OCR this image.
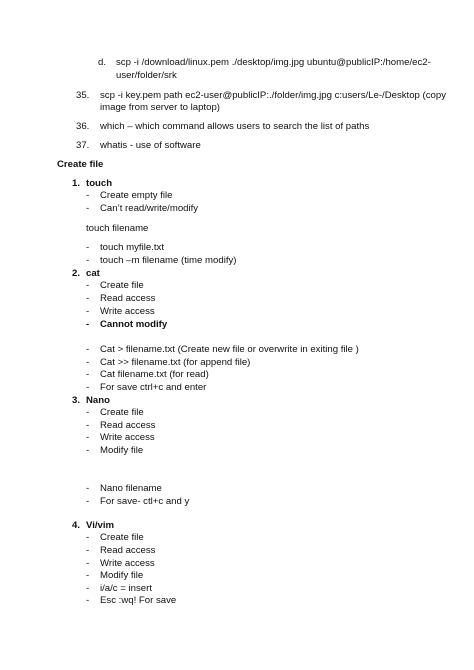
d. scp -i /download/linux.pem ./desktop/img.jpg ubuntu@publicIP:/home/ec2-
user/folder/srk
35. scp -i key.pem path ec2-user@publicIP:./folder/img.jpg c:users/Le-/Desktop (copy
image from server to laptop)
36. which – which command allows users to search the list of paths
37. whatis - use of software
Create file
1. touch
-	Create empty file
-	Can’t read/write/modify
touch filename
-	touch myfile.txt
-	touch –m filename (time modify)
2. cat
-	Create file
-	Read access
-	Write access
-	Cannot modify
-	Cat > filename.txt (Create new file or overwrite in exiting file )
-	Cat >> filename.txt (for append file)
-	Cat filename.txt (for read)
-	For save ctrl+c and enter
3. Nano
-	Create file
-	Read access
-	Write access
-	Modify file
-	Nano filename
-	For save- ctl+c and y
4. Vi/vim
-	Create file
-	Read access
-	Write access
-	Modify file
-	i/a/c = insert
-	Esc :wq! For save
